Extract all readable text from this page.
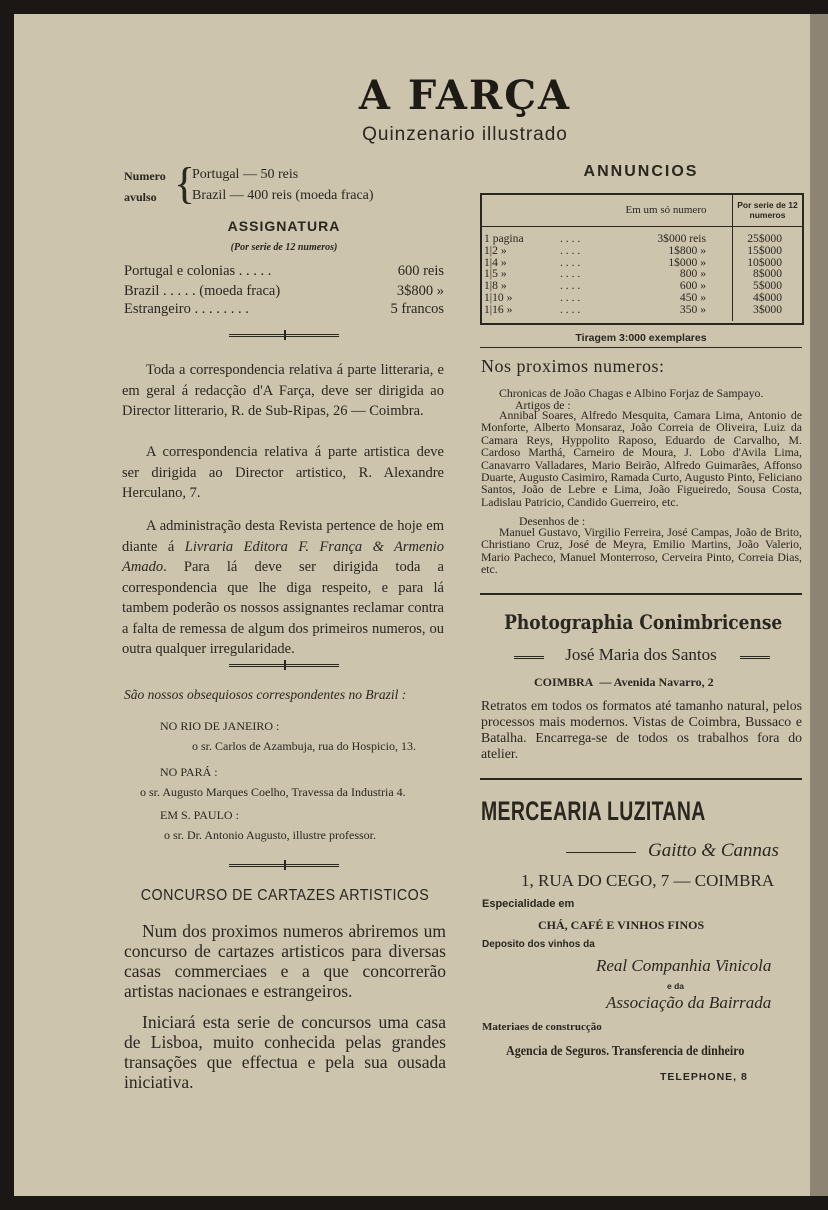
A FARÇA
Quinzenario illustrado
Numero
avulso {
Portugal — 50 reis
Brazil — 400 reis (moeda fraca)
ASSIGNATURA
(Por serie de 12 numeros)
Portugal e colonias . . . . .	600 reis
Brazil . . . . . (moeda fraca)	3$800 »
Estrangeiro . . . . . . . .	5 francos
Toda a correspondencia relativa á parte litteraria, e em geral á redacção d'A Farça, deve ser dirigida ao Director litterario, R. de Sub-Ripas, 26 — Coimbra.
A correspondencia relativa á parte artistica deve ser dirigida ao Director artistico, R. Alexandre Herculano, 7.
A administração desta Revista pertence de hoje em diante á Livraria Editora F. França & Armenio Amado. Para lá deve ser dirigida toda a correspondencia que lhe diga respeito, e para lá tambem poderão os nossos assignantes reclamar contra a falta de remessa de algum dos primeiros numeros, ou outra qualquer irregularidade.
São nossos obsequiosos correspondentes no Brazil :
NO RIO DE JANEIRO :
o sr. Carlos de Azambuja, rua do Hospicio, 13.
NO PARÁ :
o sr. Augusto Marques Coelho, Travessa da Industria 4.
EM S. PAULO :
o sr. Dr. Antonio Augusto, illustre professor.
CONCURSO DE CARTAZES ARTISTICOS
Num dos proximos numeros abriremos um concurso de cartazes artisticos para diversas casas commerciaes e a que concorrerão artistas nacionaes e estrangeiros.
Iniciará esta serie de concursos uma casa de Lisboa, muito conhecida pelas grandes transações que effectua e pela sua ousada iniciativa.
ANNUNCIOS
Em um só numero	Por serie de 12 numeros
1 pagina	. . . .	3$000 reis	25$000
1|2 »	. . . .	1$800 »	15$000
1|4 »	. . . .	1$000 »	10$000
1|5 »	. . . .	800 »	8$000
1|8 »	. . . .	600 »	5$000
1|10 »	. . . .	450 »	4$000
1|16 »	. . . .	350 »	3$000
Tiragem 3:000 exemplares
Nos proximos numeros:
Chronicas de João Chagas e Albino Forjaz de Sampayo.
Artigos de :
Annibal Soares, Alfredo Mesquita, Camara Lima, Antonio de Monforte, Alberto Monsaraz, João Correia de Oliveira, Luiz da Camara Reys, Hyppolito Raposo, Eduardo de Carvalho, M. Cardoso Marthá, Carneiro de Moura, J. Lobo d'Avila Lima, Canavarro Valladares, Mario Beirão, Alfredo Guimarães, Affonso Duarte, Augusto Casimiro, Ramada Curto, Augusto Pinto, Feliciano Santos, João de Lebre e Lima, João Figueiredo, Sousa Costa, Ladislau Patricio, Candido Guerreiro, etc.
Desenhos de :
Manuel Gustavo, Virgilio Ferreira, José Campas, João de Brito, Christiano Cruz, José de Meyra, Emilio Martins, João Valerio, Mario Pacheco, Manuel Monterroso, Cerveira Pinto, Correia Dias, etc.
Photographia Conimbricense
José Maria dos Santos
COIMBRA — Avenida Navarro, 2
Retratos em todos os formatos até tamanho natural, pelos processos mais modernos. Vistas de Coimbra, Bussaco e Batalha. Encarrega-se de todos os trabalhos fora do atelier.
MERCEARIA LUZITANA
Gaitto & Cannas
1, RUA DO CEGO, 7 — COIMBRA
Especialidade em
CHÁ, CAFÉ E VINHOS FINOS
Deposito dos vinhos da
Real Companhia Vinicola
e da
Associação da Bairrada
Materiaes de construcção
Agencia de Seguros. Transferencia de dinheiro
TELEPHONE, 8
